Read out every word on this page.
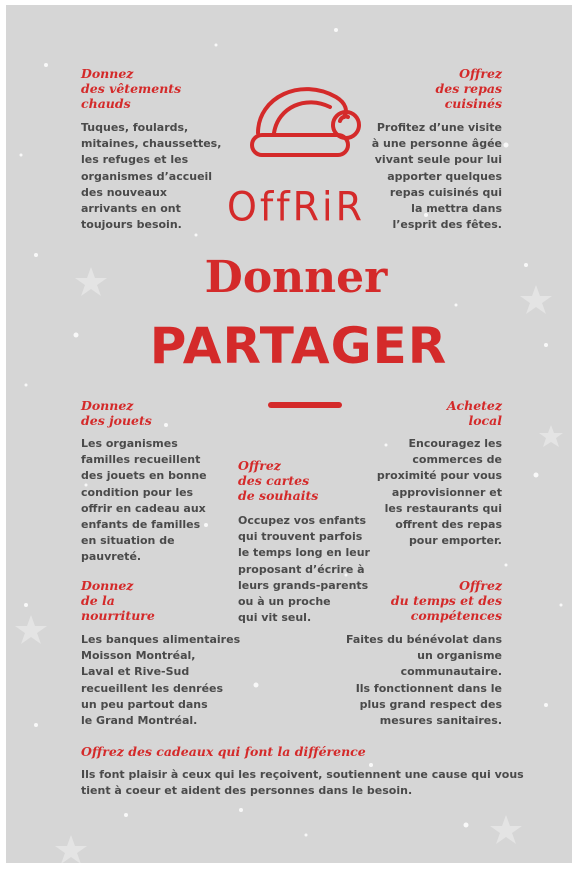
OffRiR
Donner
PARTAGER
Donnez
des vêtements
chauds
Tuques, foulards,
mitaines, chaussettes,
les refuges et les
organismes d’accueil
des nouveaux
arrivants en ont
toujours besoin.
Offrez
des repas
cuisinés
Profitez d’une visite
à une personne âgée
vivant seule pour lui
apporter quelques
repas cuisinés qui
la mettra dans
l’esprit des fêtes.
Donnez
des jouets
Les organismes
familles recueillent
des jouets en bonne
condition pour les
offrir en cadeau aux
enfants de familles
en situation de
pauvreté.
Offrez
des cartes
de souhaits
Occupez vos enfants
qui trouvent parfois
le temps long en leur
proposant d’écrire à
leurs grands-parents
ou à un proche
qui vit seul.
Achetez
local
Encouragez les
commerces de
proximité pour vous
approvisionner et
les restaurants qui
offrent des repas
pour emporter.
Donnez
de la
nourriture
Les banques alimentaires
Moisson Montréal,
Laval et Rive-Sud
recueillent les denrées
un peu partout dans
le Grand Montréal.
Offrez
du temps et des
compétences
Faites du bénévolat dans
un organisme
communautaire.
Ils fonctionnent dans le
plus grand respect des
mesures sanitaires.
Offrez des cadeaux qui font la différence
Ils font plaisir à ceux qui les reçoivent, soutiennent une cause qui vous
tient à coeur et aident des personnes dans le besoin.
